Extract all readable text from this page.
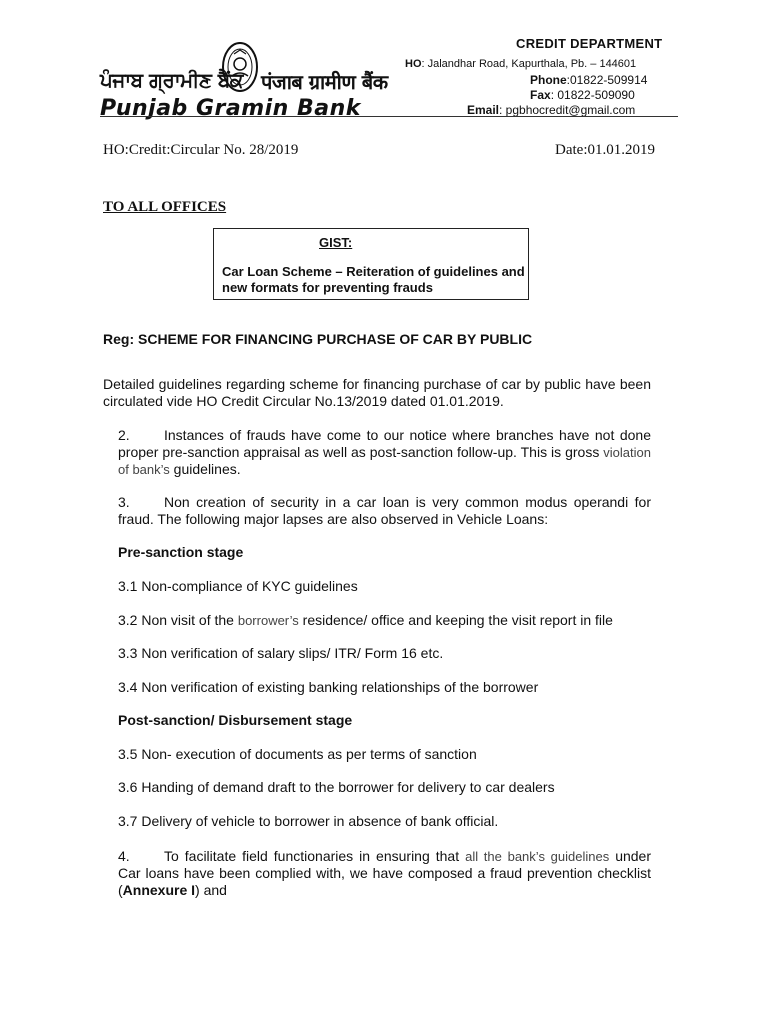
ਪੰਜਾਬ ਗ੍ਰਾਮੀਣ ਬੈਂਕ पंजाब ग्रामीण बैंक
Punjab Gramin Bank
CREDIT DEPARTMENT
HO: Jalandhar Road, Kapurthala, Pb. – 144601
Phone:01822-509914
Fax: 01822-509090
Email: pgbhocredit@gmail.com
HO:Credit:Circular No. 28/2019	Date:01.01.2019
TO ALL OFFICES
GIST:
Car Loan Scheme – Reiteration of guidelines and new formats for preventing frauds
Reg: SCHEME FOR FINANCING PURCHASE OF CAR BY PUBLIC
Detailed guidelines regarding scheme for financing purchase of car by public have been circulated vide HO Credit Circular No.13/2019 dated 01.01.2019.
2. Instances of frauds have come to our notice where branches have not done proper pre-sanction appraisal as well as post-sanction follow-up. This is gross violation of bank’s guidelines.
3. Non creation of security in a car loan is very common modus operandi for fraud. The following major lapses are also observed in Vehicle Loans:
Pre-sanction stage
3.1 Non-compliance of KYC guidelines
3.2 Non visit of the borrower’s residence/ office and keeping the visit report in file
3.3 Non verification of salary slips/ ITR/ Form 16 etc.
3.4 Non verification of existing banking relationships of the borrower
Post-sanction/ Disbursement stage
3.5 Non- execution of documents as per terms of sanction
3.6 Handing of demand draft to the borrower for delivery to car dealers
3.7 Delivery of vehicle to borrower in absence of bank official.
4. To facilitate field functionaries in ensuring that all the bank’s guidelines under Car loans have been complied with, we have composed a fraud prevention checklist (Annexure I) and
